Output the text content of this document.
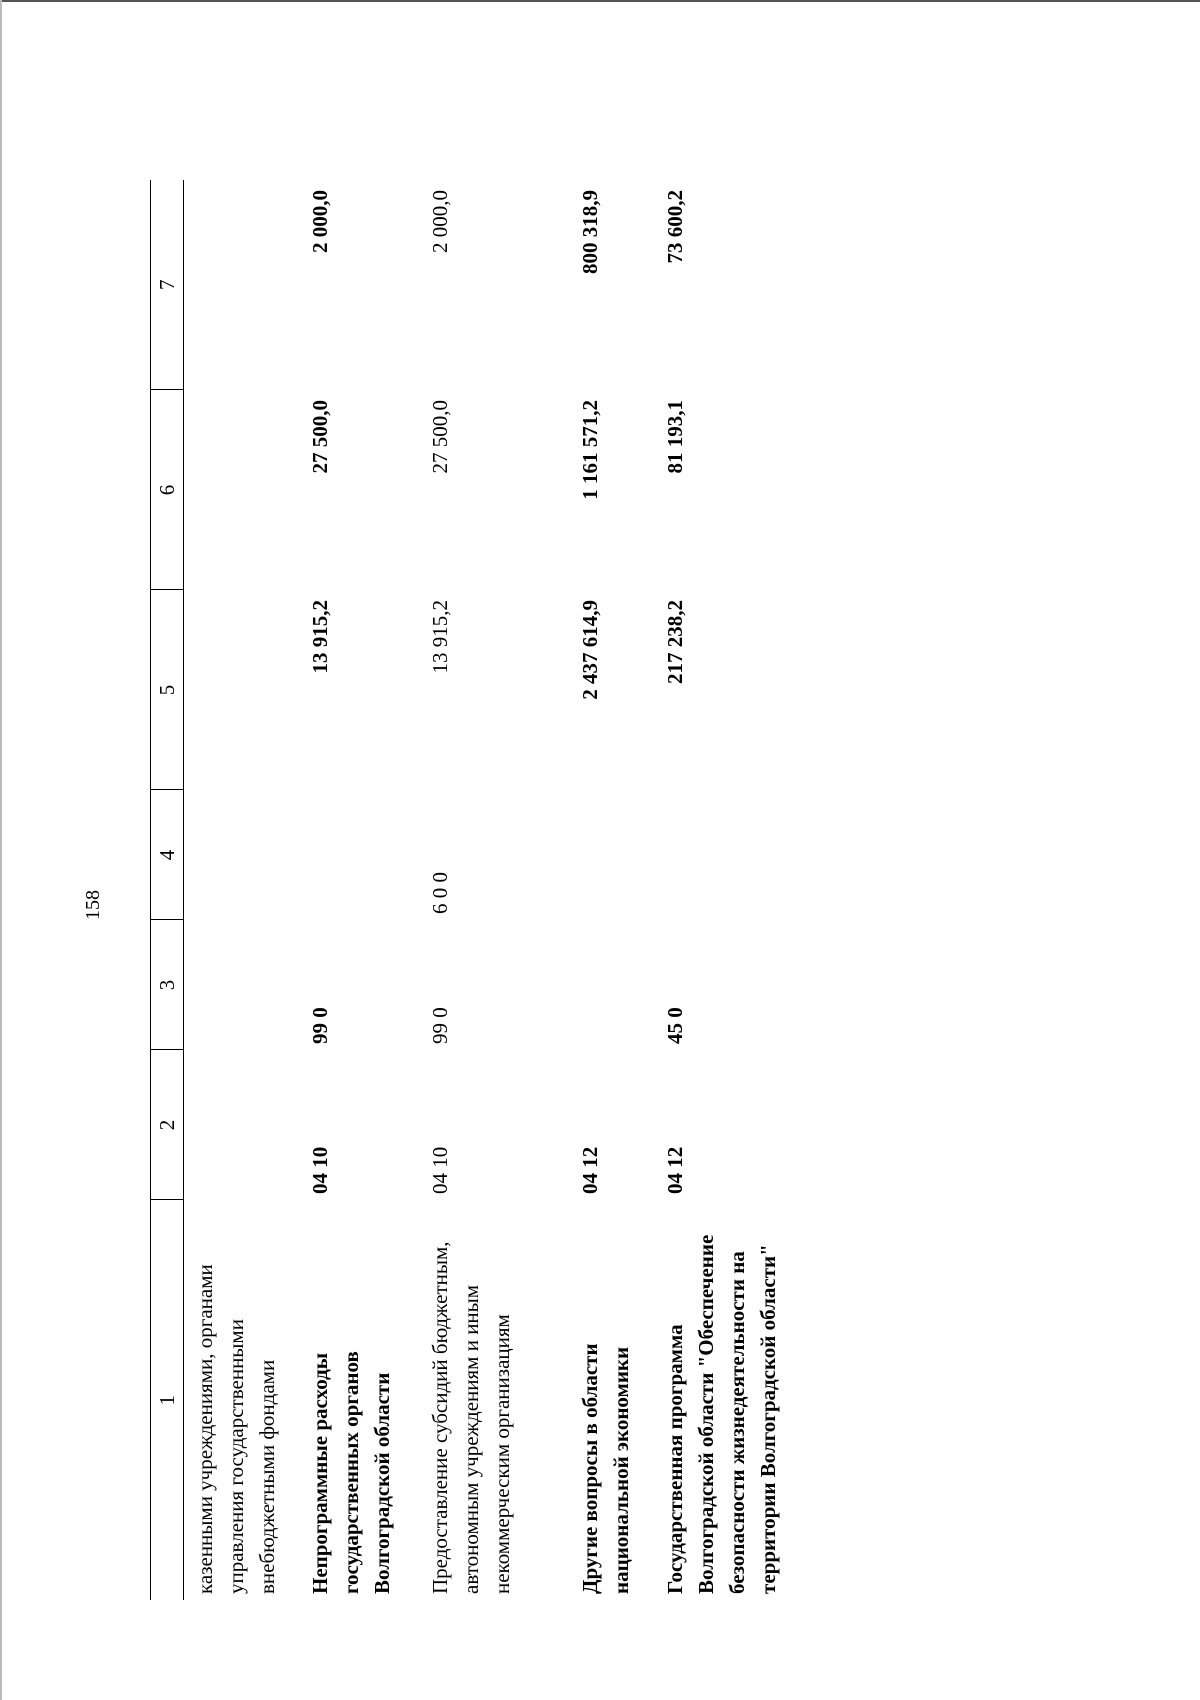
158
1	2	3	4	5	6	7
казенными учреждениями, органами управления государственными внебюджетными фондами						
Непрограммные расходы государственных органов Волгоградской области	04 10	99 0		13 915,2	27 500,0	2 000,0
Предоставление субсидий бюджетным, автономным учреждениям и иным некоммерческим организациям	04 10	99 0	6 0 0	13 915,2	27 500,0	2 000,0
Другие вопросы в области национальной экономики	04 12			2 437 614,9	1 161 571,2	800 318,9
Государственная программа Волгоградской области "Обеспечение безопасности жизнедеятельности на территории Волгоградской области"	04 12	45 0		217 238,2	81 193,1	73 600,2
